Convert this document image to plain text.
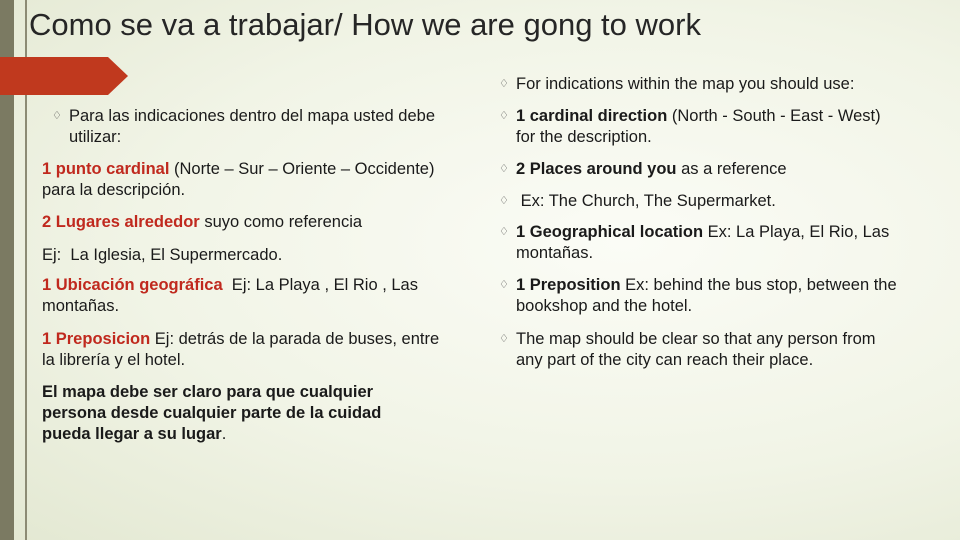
Como se va a trabajar/ How we are gong to work
♢ Para las indicaciones dentro del mapa usted debe utilizar:

1 punto cardinal (Norte – Sur – Oriente – Occidente) para la descripción.

2 Lugares alrededor suyo como referencia

Ej:  La Iglesia, El Supermercado.

1 Ubicación geográfica  Ej: La Playa , El Rio , Las montañas.

1 Preposicion Ej: detrás de la parada de buses, entre la librería y el hotel.

El mapa debe ser claro para que cualquier persona desde cualquier parte de la cuidad pueda llegar a su lugar.

♢ For indications within the map you should use:

♢ 1 cardinal direction (North - South - East - West) for the description.

♢ 2 Places around you as a reference

♢ Ex: The Church, The Supermarket.

♢ 1 Geographical location Ex: La Playa, El Rio, Las montañas.

♢ 1 Preposition Ex: behind the bus stop, between the bookshop and the hotel.

♢ The map should be clear so that any person from any part of the city can reach their place.
